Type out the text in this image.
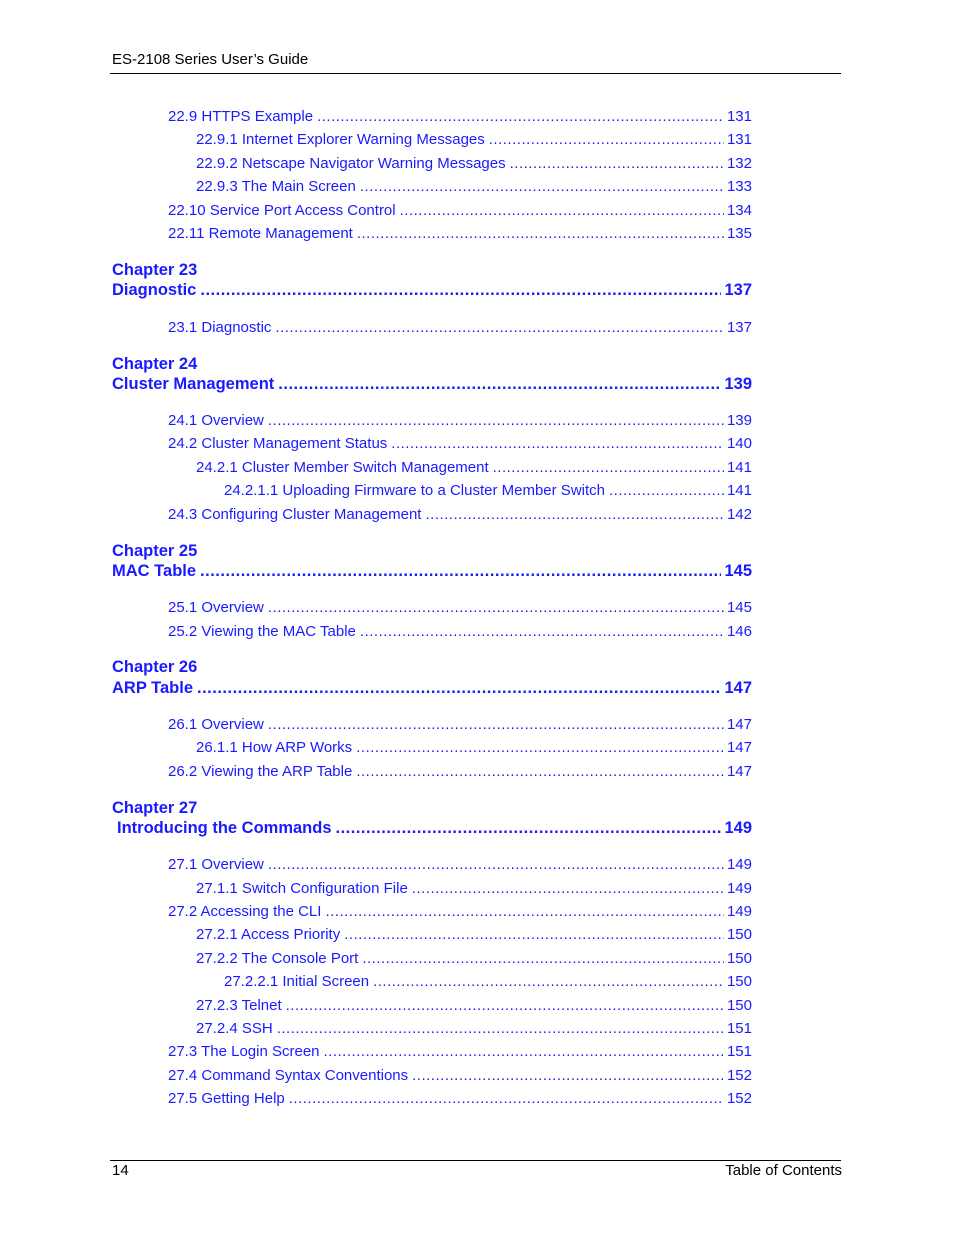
ES-2108 Series User’s Guide
22.9 HTTPS Example .....	131
22.9.1 Internet Explorer Warning Messages .....	131
22.9.2 Netscape Navigator Warning Messages .....	132
22.9.3 The Main Screen .....	133
22.10 Service Port Access Control .....	134
22.11 Remote Management .....	135
Chapter 23
Diagnostic .....	137
23.1 Diagnostic .....	137
Chapter 24
Cluster Management .....	139
24.1 Overview .....	139
24.2 Cluster Management Status .....	140
24.2.1 Cluster Member Switch Management .....	141
24.2.1.1 Uploading Firmware to a Cluster Member Switch .....	141
24.3 Configuring Cluster Management .....	142
Chapter 25
MAC Table .....	145
25.1 Overview .....	145
25.2 Viewing the MAC Table .....	146
Chapter 26
ARP Table .....	147
26.1 Overview .....	147
26.1.1 How ARP Works .....	147
26.2 Viewing the ARP Table .....	147
Chapter 27
Introducing the Commands .....	149
27.1 Overview .....	149
27.1.1 Switch Configuration File .....	149
27.2 Accessing the CLI .....	149
27.2.1 Access Priority .....	150
27.2.2 The Console Port .....	150
27.2.2.1 Initial Screen .....	150
27.2.3 Telnet .....	150
27.2.4 SSH .....	151
27.3 The Login Screen .....	151
27.4 Command Syntax Conventions .....	152
27.5 Getting Help .....	152
14	Table of Contents
